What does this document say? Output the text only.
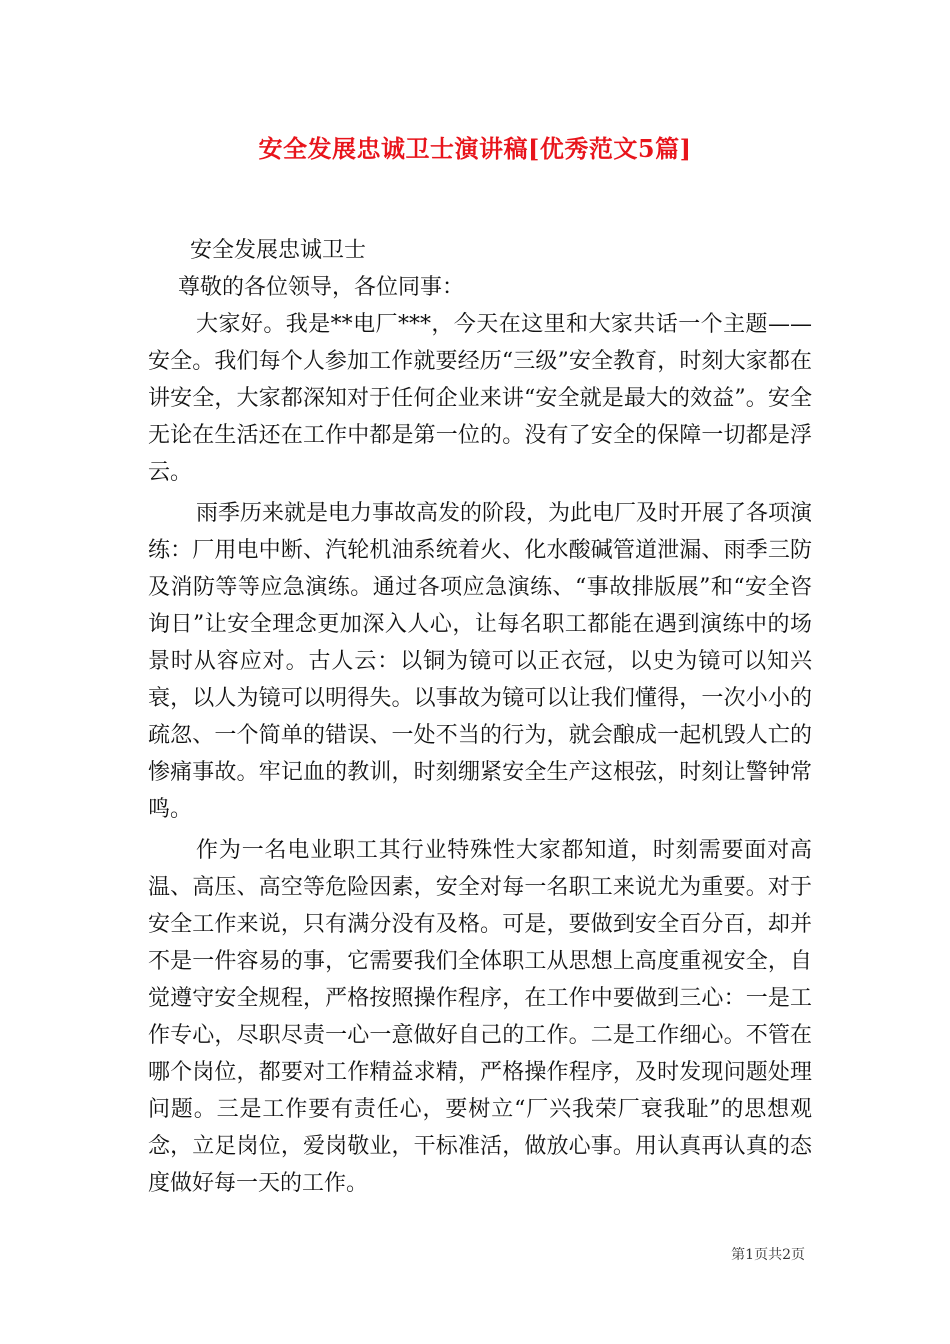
安全发展忠诚卫士演讲稿[优秀范文5篇]

安全发展忠诚卫士

尊敬的各位领导，各位同事：

大家好。我是**电厂***，今天在这里和大家共话一个主题——安全。我们每个人参加工作就要经历“三级”安全教育，时刻大家都在讲安全，大家都深知对于任何企业来讲“安全就是最大的效益”。安全无论在生活还在工作中都是第一位的。没有了安全的保障一切都是浮云。

雨季历来就是电力事故高发的阶段，为此电厂及时开展了各项演练：厂用电中断、汽轮机油系统着火、化水酸碱管道泄漏、雨季三防及消防等等应急演练。通过各项应急演练、“事故排版展”和“安全咨询日”让安全理念更加深入人心，让每名职工都能在遇到演练中的场景时从容应对。古人云：以铜为镜可以正衣冠，以史为镜可以知兴衰，以人为镜可以明得失。以事故为镜可以让我们懂得，一次小小的疏忽、一个简单的错误、一处不当的行为，就会酿成一起机毁人亡的惨痛事故。牢记血的教训，时刻绷紧安全生产这根弦，时刻让警钟常鸣。

作为一名电业职工其行业特殊性大家都知道，时刻需要面对高温、高压、高空等危险因素，安全对每一名职工来说尤为重要。对于安全工作来说，只有满分没有及格。可是，要做到安全百分百，却并不是一件容易的事，它需要我们全体职工从思想上高度重视安全，自觉遵守安全规程，严格按照操作程序，在工作中要做到三心：一是工作专心，尽职尽责一心一意做好自己的工作。二是工作细心。不管在哪个岗位，都要对工作精益求精，严格操作程序，及时发现问题处理问题。三是工作要有责任心，要树立“厂兴我荣厂衰我耻”的思想观念，立足岗位，爱岗敬业，干标准活，做放心事。用认真再认真的态度做好每一天的工作。

第1页共2页
